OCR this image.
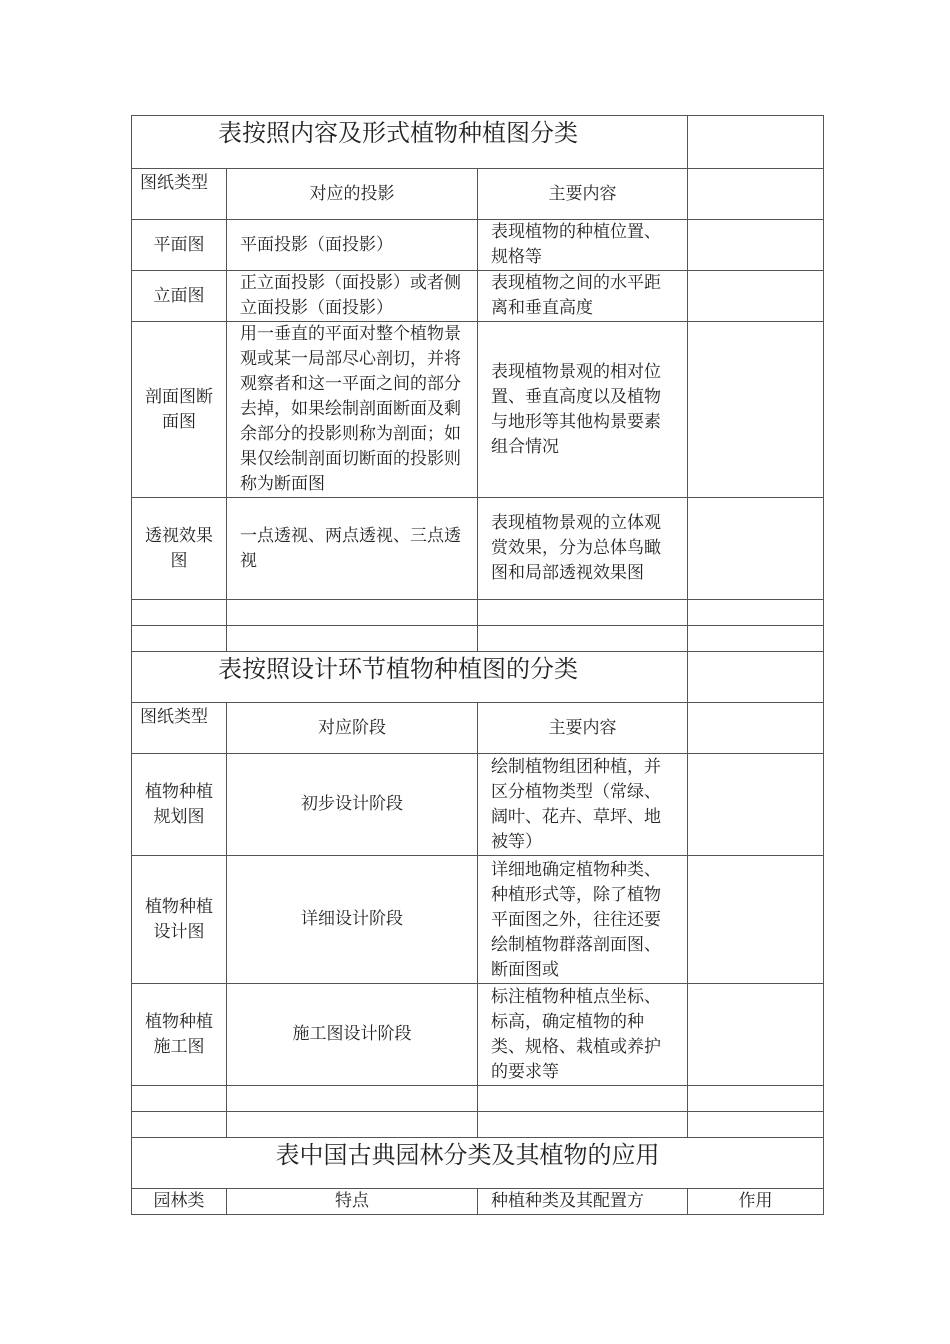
表按照内容及形式植物种植图分类			
图纸类型	对应的投影	主要内容	
平面图	平面投影（面投影）	表现植物的种植位置、规格等	
立面图	正立面投影（面投影）或者侧立面投影（面投影）	表现植物之间的水平距离和垂直高度	
剖面图断面图	用一垂直的平面对整个植物景观或某一局部尽心剖切，并将观察者和这一平面之间的部分去掉，如果绘制剖面断面及剩余部分的投影则称为剖面；如果仅绘制剖面切断面的投影则称为断面图	表现植物景观的相对位置、垂直高度以及植物与地形等其他构景要素组合情况	
透视效果图	一点透视、两点透视、三点透视	表现植物景观的立体观赏效果，分为总体鸟瞰图和局部透视效果图	

表按照设计环节植物种植图的分类			
图纸类型	对应阶段	主要内容	
植物种植规划图	初步设计阶段	绘制植物组团种植，并区分植物类型（常绿、阔叶、花卉、草坪、地被等）	
植物种植设计图	详细设计阶段	详细地确定植物种类、种植形式等，除了植物平面图之外，往往还要绘制植物群落剖面图、断面图或	
植物种植施工图	施工图设计阶段	标注植物种植点坐标、标高，确定植物的种类、规格、栽植或养护的要求等	

表中国古典园林分类及其植物的应用			
园林类	特点	种植种类及其配置方	作用
